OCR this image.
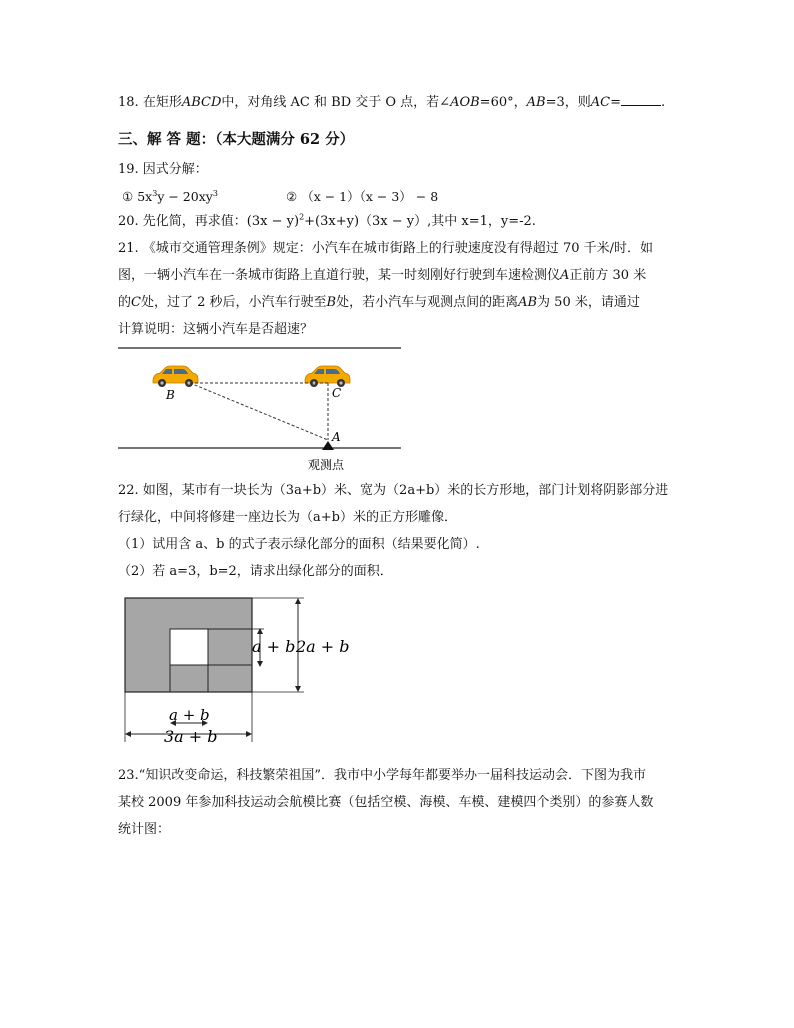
18. 在矩形ABCD中，对角线 AC 和 BD 交于 O 点，若∠AOB=60°，AB=3，则AC=	.
三、解 答 题：（本大题满分 62 分）
19. 因式分解：
① $5x^3y - 20xy^3$	② （x − 1）（x − 3） − 8
20. 先化简，再求值：$(3x - y)^2+(3x+y)(3x - y)$,其中 x=1，y=-2.
21. 《城市交通管理条例》规定：小汽车在城市街路上的行驶速度没有得超过 70 千米/时．如
图，一辆小汽车在一条城市街路上直道行驶，某一时刻刚好行驶到车速检测仪A正前方 30 米
的C处，过了 2 秒后，小汽车行驶至B处，若小汽车与观测点间的距离AB为 50 米，请通过
计算说明：这辆小汽车是否超速？
B	C
A
观测点
22. 如图，某市有一块长为（3a+b）米、宽为（2a+b）米的长方形地，部门计划将阴影部分进
行绿化，中间将修建一座边长为（a+b）米的正方形雕像．
（1）试用含 a、b 的式子表示绿化部分的面积（结果要化简）.
（2）若 a=3，b=2，请求出绿化部分的面积．
a + b 2a + b
a + b
3a + b
23.“知识改变命运，科技繁荣祖国”．我市中小学每年都要举办一届科技运动会．下图为我市
某校 2009 年参加科技运动会航模比赛（包括空模、海模、车模、建模四个类别）的参赛人数
统计图：
